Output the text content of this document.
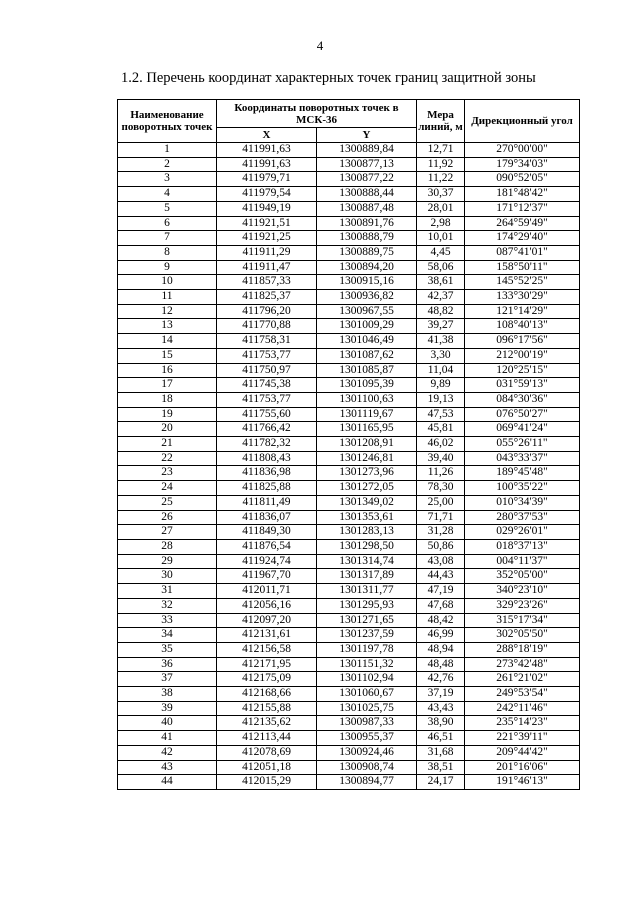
4
1.2. Перечень координат характерных точек границ защитной зоны
Наименование поворотных точек	Координаты поворотных точек в МСК-36		Мера линий, м	Дирекционный угол
	X	Y		
1	411991,63	1300889,84	12,71	270°00'00"
2	411991,63	1300877,13	11,92	179°34'03"
3	411979,71	1300877,22	11,22	090°52'05"
4	411979,54	1300888,44	30,37	181°48'42"
5	411949,19	1300887,48	28,01	171°12'37"
6	411921,51	1300891,76	2,98	264°59'49"
7	411921,25	1300888,79	10,01	174°29'40"
8	411911,29	1300889,75	4,45	087°41'01"
9	411911,47	1300894,20	58,06	158°50'11"
10	411857,33	1300915,16	38,61	145°52'25"
11	411825,37	1300936,82	42,37	133°30'29"
12	411796,20	1300967,55	48,82	121°14'29"
13	411770,88	1301009,29	39,27	108°40'13"
14	411758,31	1301046,49	41,38	096°17'56"
15	411753,77	1301087,62	3,30	212°00'19"
16	411750,97	1301085,87	11,04	120°25'15"
17	411745,38	1301095,39	9,89	031°59'13"
18	411753,77	1301100,63	19,13	084°30'36"
19	411755,60	1301119,67	47,53	076°50'27"
20	411766,42	1301165,95	45,81	069°41'24"
21	411782,32	1301208,91	46,02	055°26'11"
22	411808,43	1301246,81	39,40	043°33'37"
23	411836,98	1301273,96	11,26	189°45'48"
24	411825,88	1301272,05	78,30	100°35'22"
25	411811,49	1301349,02	25,00	010°34'39"
26	411836,07	1301353,61	71,71	280°37'53"
27	411849,30	1301283,13	31,28	029°26'01"
28	411876,54	1301298,50	50,86	018°37'13"
29	411924,74	1301314,74	43,08	004°11'37"
30	411967,70	1301317,89	44,43	352°05'00"
31	412011,71	1301311,77	47,19	340°23'10"
32	412056,16	1301295,93	47,68	329°23'26"
33	412097,20	1301271,65	48,42	315°17'34"
34	412131,61	1301237,59	46,99	302°05'50"
35	412156,58	1301197,78	48,94	288°18'19"
36	412171,95	1301151,32	48,48	273°42'48"
37	412175,09	1301102,94	42,76	261°21'02"
38	412168,66	1301060,67	37,19	249°53'54"
39	412155,88	1301025,75	43,43	242°11'46"
40	412135,62	1300987,33	38,90	235°14'23"
41	412113,44	1300955,37	46,51	221°39'11"
42	412078,69	1300924,46	31,68	209°44'42"
43	412051,18	1300908,74	38,51	201°16'06"
44	412015,29	1300894,77	24,17	191°46'13"
